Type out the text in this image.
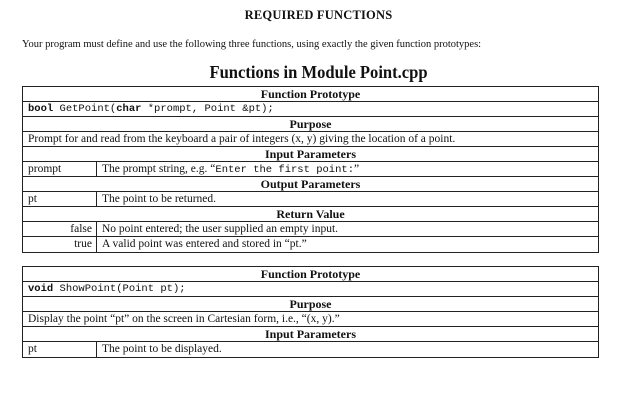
REQUIRED FUNCTIONS
Your program must define and use the following three functions, using exactly the given function prototypes:
Functions in Module Point.cpp
Function Prototype
bool GetPoint(char *prompt, Point &pt);
Purpose
Prompt for and read from the keyboard a pair of integers (x, y) giving the location of a point.
Input Parameters
prompt	The prompt string, e.g. “Enter the first point:”
Output Parameters
pt	The point to be returned.
Return Value
false No point entered; the user supplied an empty input.
true A valid point was entered and stored in “pt.”
Function Prototype
void ShowPoint(Point pt);
Purpose
Display the point “pt” on the screen in Cartesian form, i.e., “(x, y).”
Input Parameters
pt	The point to be displayed.
